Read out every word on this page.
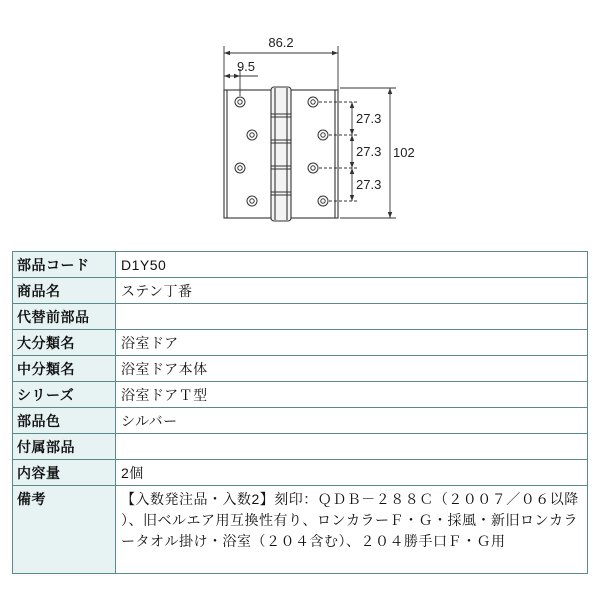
86.2
9.5
27.3
27.3
27.3
102
部品コード	D1Y50
商品名	ステン丁番
代替前部品	
大分類名	浴室ドア
中分類名	浴室ドア本体
シリーズ	浴室ドアＴ型
部品色	シルバー
付属部品	
内容量	2個
備考	【入数発注品・入数2】刻印：ＱＤＢ－２８８Ｃ（２００７／０６以降）、旧ベルエア用互換性有り、ロンカラーＦ・Ｇ・採風・新旧ロンカラータオル掛け・浴室（２０４含む）、２０４勝手口Ｆ・Ｇ用
